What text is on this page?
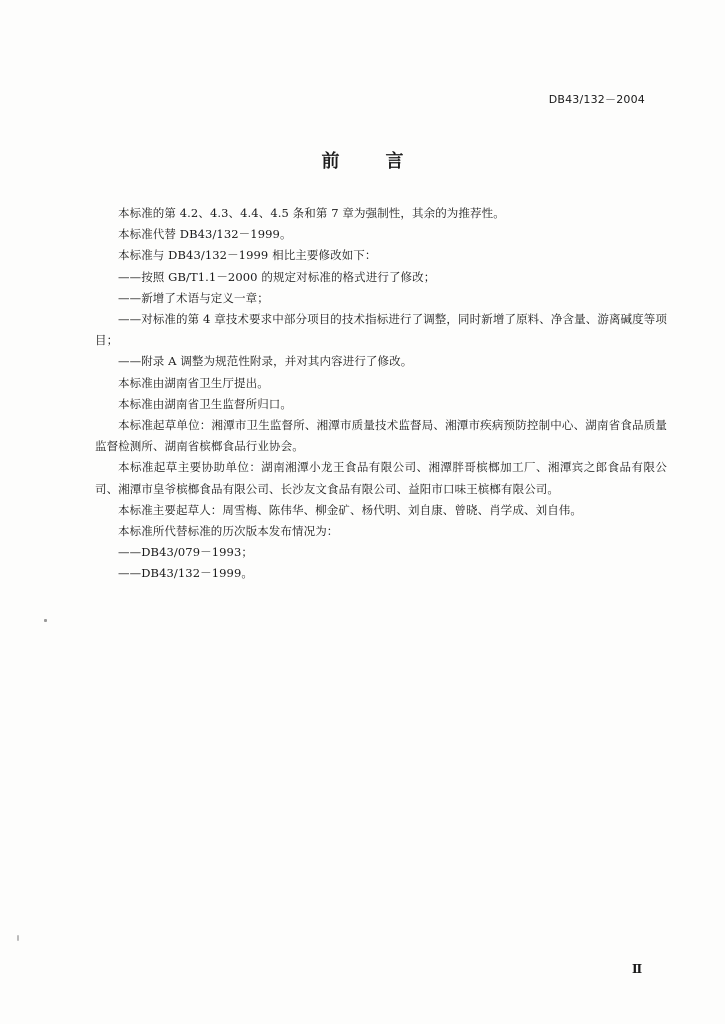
DB43/132－2004
前言

本标准的第 4.2、4.3、4.4、4.5 条和第 7 章为强制性，其余的为推荐性。

本标准代替 DB43/132－1999。

本标准与 DB43/132－1999 相比主要修改如下：

——按照 GB/T1.1－2000 的规定对标准的格式进行了修改；

——新增了术语与定义一章；

——对标准的第 4 章技术要求中部分项目的技术指标进行了调整，同时新增了原料、净含量、游离碱度等项目；

——附录 A 调整为规范性附录，并对其内容进行了修改。

本标准由湖南省卫生厅提出。

本标准由湖南省卫生监督所归口。

本标准起草单位：湘潭市卫生监督所、湘潭市质量技术监督局、湘潭市疾病预防控制中心、湖南省食品质量监督检测所、湖南省槟榔食品行业协会。

本标准起草主要协助单位：湖南湘潭小龙王食品有限公司、湘潭胖哥槟榔加工厂、湘潭宾之郎食品有限公司、湘潭市皇爷槟榔食品有限公司、长沙友文食品有限公司、益阳市口味王槟榔有限公司。

本标准主要起草人：周雪梅、陈伟华、柳金矿、杨代明、刘自康、曾晓、肖学成、刘自伟。

本标准所代替标准的历次版本发布情况为：

——DB43/079－1993；

——DB43/132－1999。

Ⅱ
